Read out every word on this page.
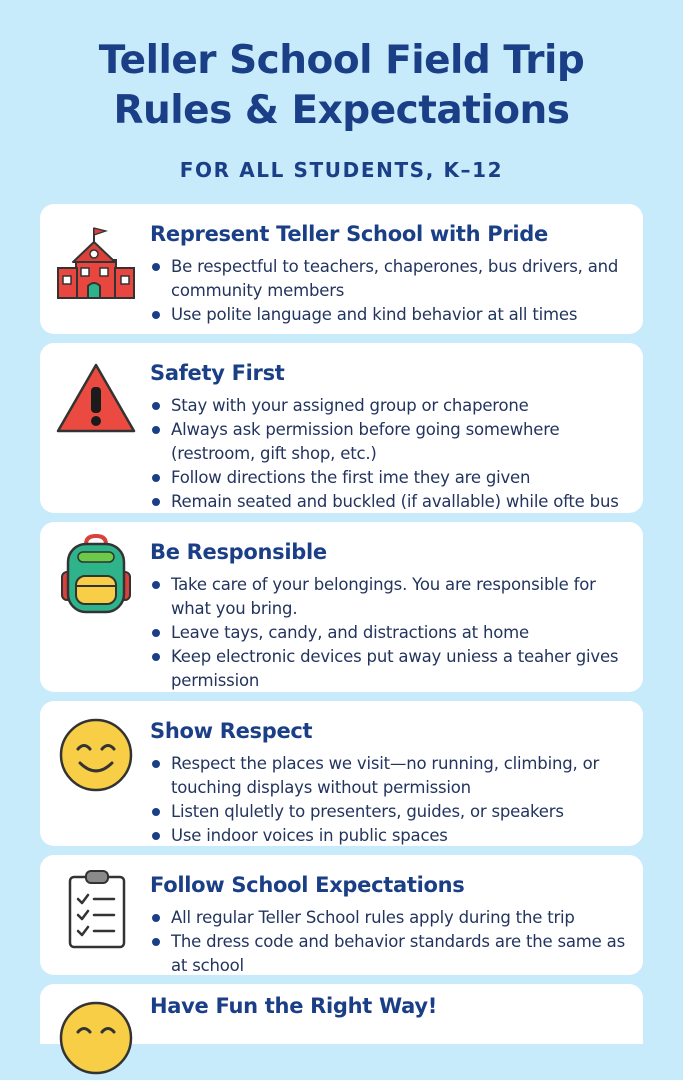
Teller School Field Trip
Rules & Expectations

FOR ALL STUDENTS, K–12

Represent Teller School with Pride
Be respectful to teachers, chaperones, bus drivers, and community members
Use polite language and kind behavior at all times
Safety First
Stay with your assigned group or chaperone
Always ask permission before going somewhere (restroom, gift shop, etc.)
Follow directions the first ime they are given
Remain seated and buckled (if avallable) while ofte bus
Be Responsible
Take care of your belongings. You are responsible for what you bring.
Leave tays, candy, and distractions at home
Keep electronic devices put away uniess a teaher gives permission
Show Respect
Respect the places we visit—no running, climbing, or touching displays without permission
Listen qluletly to presenters, guides, or speakers
Use indoor voices in public spaces
Follow School Expectations
All regular Teller School rules apply during the trip
The dress code and behavior standards are the same as at school
Have Fun the Right Way!
